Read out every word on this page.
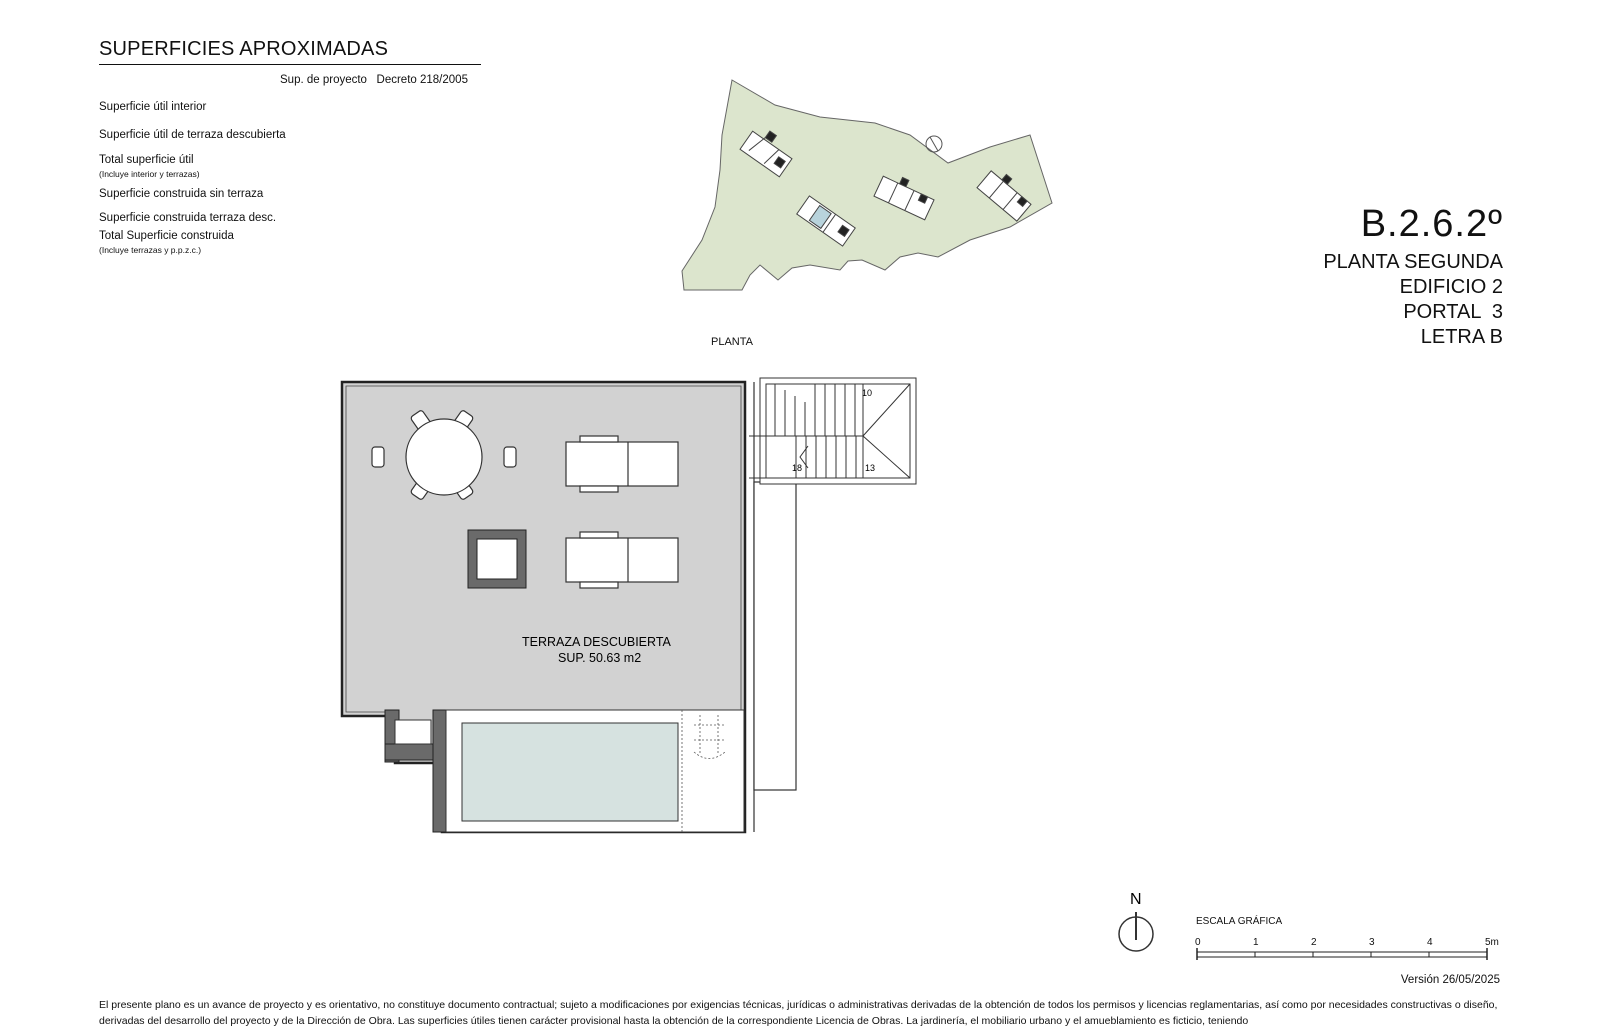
SUPERFICIES APROXIMADAS
Sup. de proyecto   Decreto 218/2005
Superficie útil interior
Superficie útil de terraza descubierta
Total superficie útil
(Incluye interior y terrazas)
Superficie construida sin terraza
Superficie construida terraza desc.
Total Superficie construida
(Incluye terrazas y p.p.z.c.)
B.2.6.2º
PLANTA SEGUNDA
EDIFICIO 2
PORTAL  3
LETRA B
PLANTA
10
18	13
TERRAZA DESCUBIERTA
SUP. 50.63 m2
N
ESCALA GRÁFICA
0	1	2	3	4	5m
Versión 26/05/2025
El presente plano es un avance de proyecto y es orientativo, no constituye documento contractual; sujeto a modificaciones por exigencias técnicas, jurídicas o administrativas derivadas de la obtención de todos los permisos y licencias reglamentarias, así como por necesidades constructivas o diseño, derivadas del desarrollo del proyecto y de la Dirección de Obra. Las superficies útiles tienen carácter provisional hasta la obtención de la correspondiente Licencia de Obras. La jardinería, el mobiliario urbano y el amueblamiento es ficticio, teniendo
